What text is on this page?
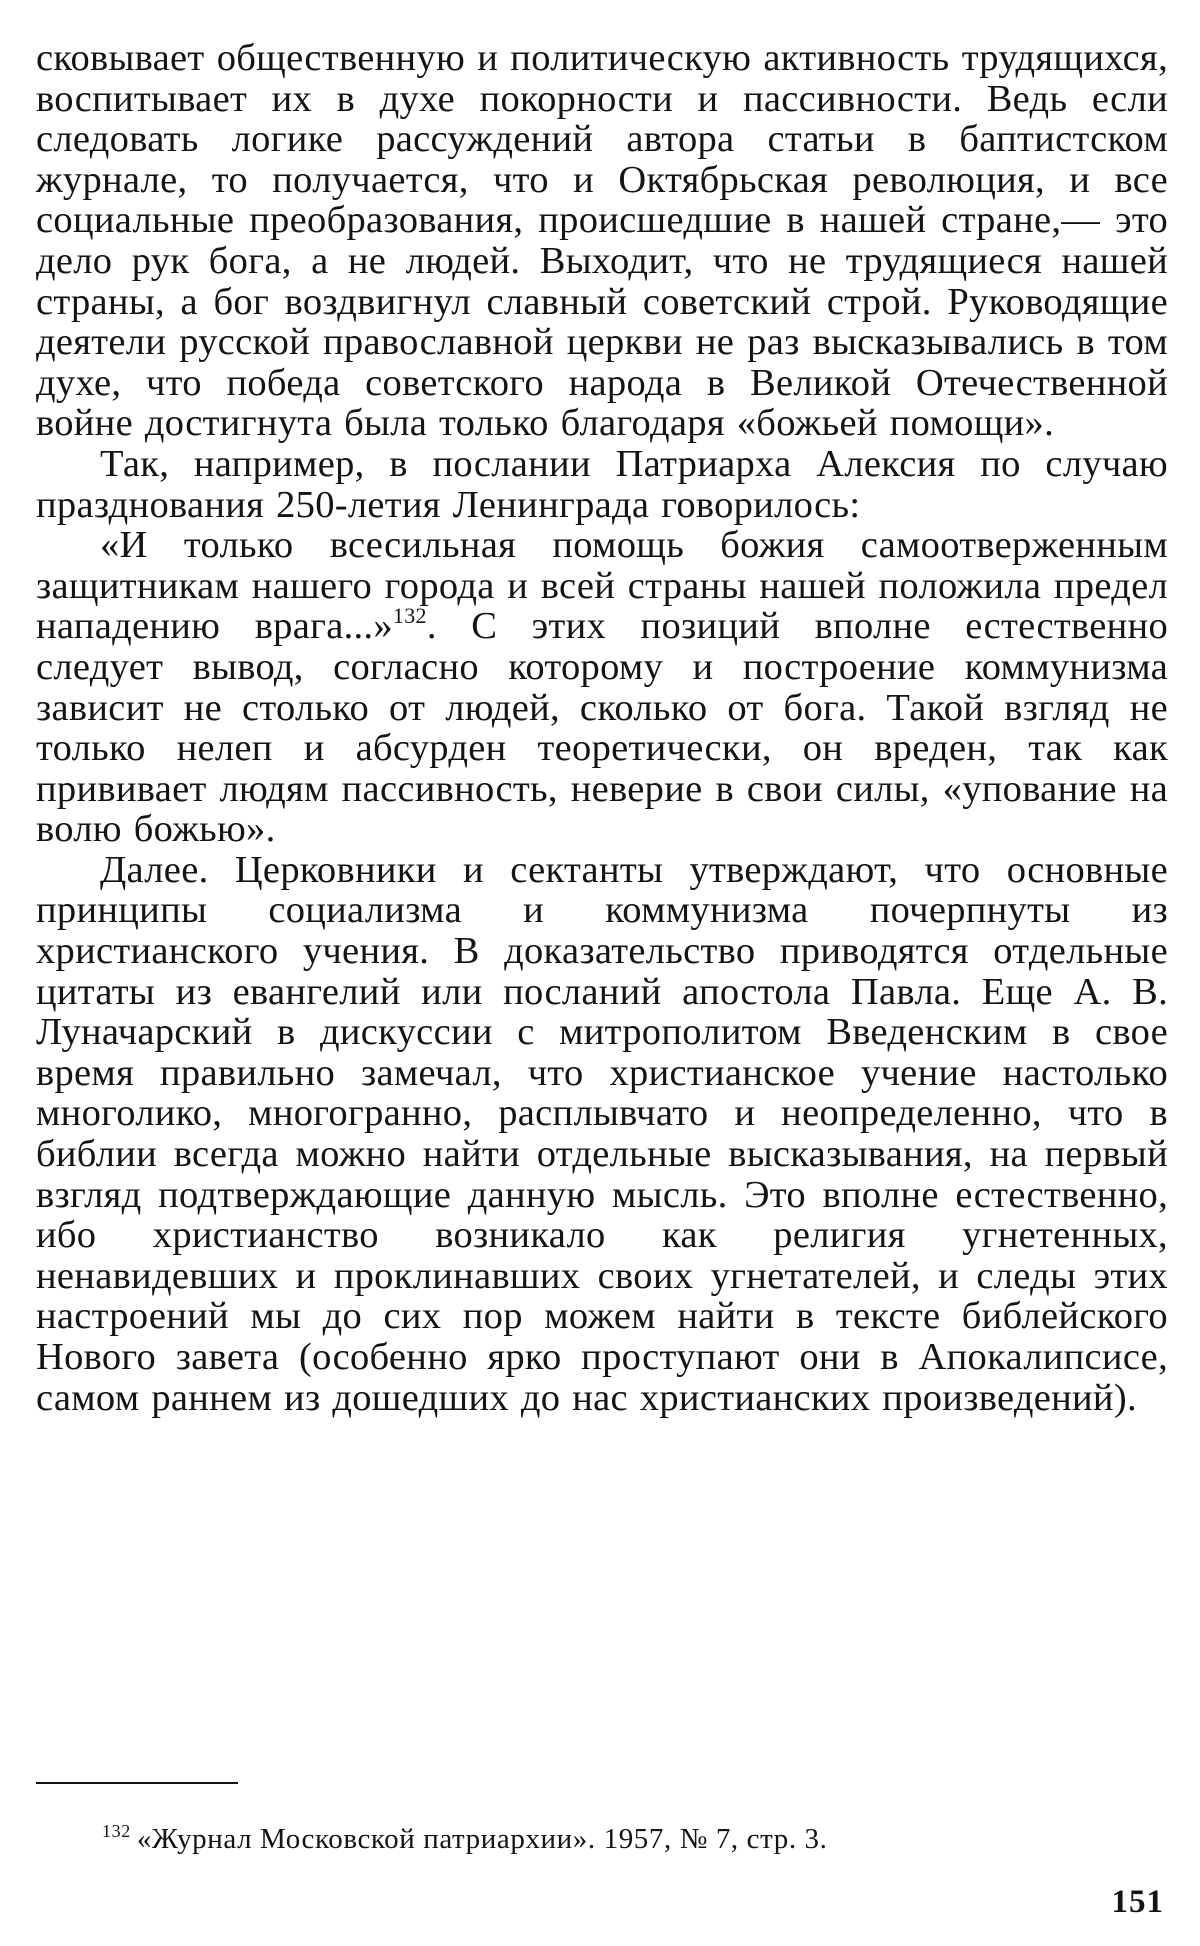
сковывает общественную и политическую активность трудящихся, воспитывает их в духе покорности и пассивности. Ведь если следовать логике рассуждений автора статьи в баптистском журнале, то получается, что и Октябрьская революция, и все социальные преобразования, происшедшие в нашей стране,— это дело рук бога, а не людей. Выходит, что не трудящиеся нашей страны, а бог воздвигнул славный советский строй. Руководящие деятели русской православной церкви не раз высказывались в том духе, что победа советского народа в Великой Отечественной войне достигнута была только благодаря «божьей помощи».

Так, например, в послании Патриарха Алексия по случаю празднования 250-летия Ленинграда говорилось:

«И только всесильная помощь божия самоотверженным защитникам нашего города и всей страны нашей положила предел нападению врага...»$^{132}$. С этих позиций вполне естественно следует вывод, согласно которому и построение коммунизма зависит не столько от людей, сколько от бога. Такой взгляд не только нелеп и абсурден теоретически, он вреден, так как прививает людям пассивность, неверие в свои силы, «упование на волю божью».

Далее. Церковники и сектанты утверждают, что основные принципы социализма и коммунизма почерпнуты из христианского учения. В доказательство приводятся отдельные цитаты из евангелий или посланий апостола Павла. Еще А. В. Луначарский в дискуссии с митрополитом Введенским в свое время правильно замечал, что христианское учение настолько многолико, многогранно, расплывчато и неопределенно, что в библии всегда можно найти отдельные высказывания, на первый взгляд подтверждающие данную мысль. Это вполне естественно, ибо христианство возникало как религия угнетенных, ненавидевших и проклинавших своих угнетателей, и следы этих настроений мы до сих пор можем найти в тексте библейского Нового завета (особенно ярко проступают они в Апокалипсисе, самом раннем из дошедших до нас христианских произведений).

$^{132}$ «Журнал Московской патриархии». 1957, № 7, стр. 3.
151
